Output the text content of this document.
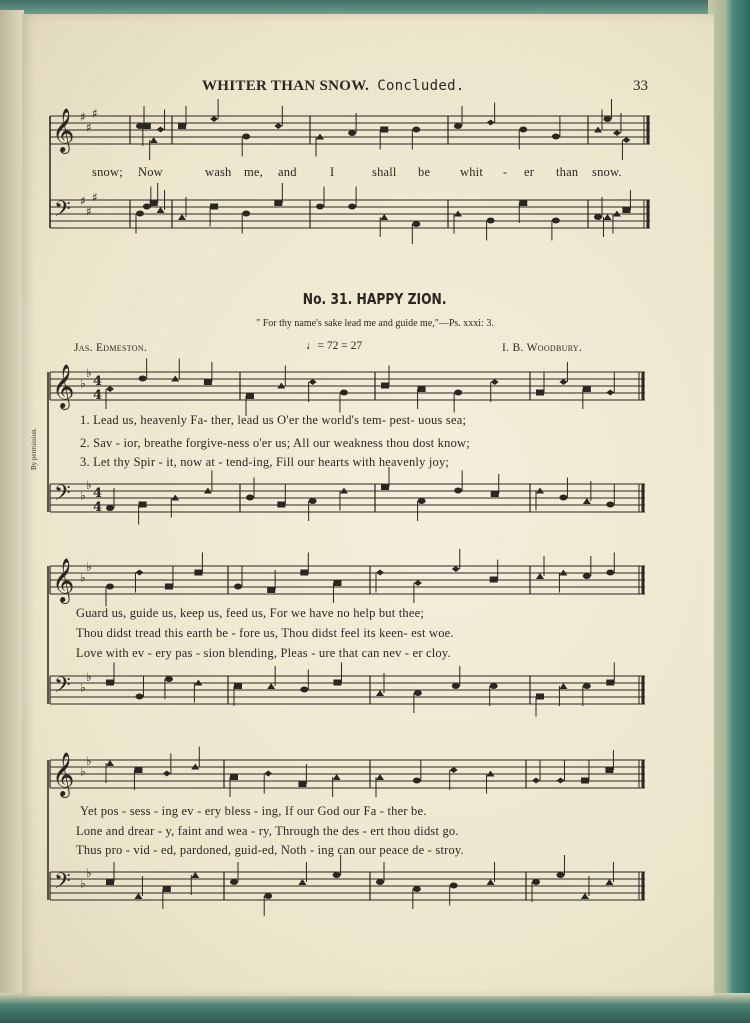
WHITER THAN SNOW. Concluded.	33
𝄞 ♯
♯
♯
𝄢 ♯
♯
♯
𝄞 ♭
♭
𝄢 ♭
♭
4
4
4
4
𝄞 ♭
♭
𝄢 ♭
♭
𝄞 ♭
♭
𝄢 ♭
♭
snow; Now	wash me, and	I	shall be whit - er than snow.
No. 31. HAPPY ZION.
" For thy name's sake lead me and guide me,"—Ps. xxxi: 3.
Jas. Edmeston.	♩= 72 = 27	I. B. Woodbury.
By permission.
1. Lead us, heavenly Fa- ther, lead us O'er the world's tem- pest- uous sea;
2. Sav - ior, breathe forgive-ness o'er us; All our weakness thou dost know;
3. Let thy Spir - it, now at - tend-ing, Fill our hearts with heavenly joy;
Guard us, guide us, keep us, feed us, For we have no help but thee;
Thou didst tread this earth be - fore us, Thou didst feel its keen- est woe.
Love with ev - ery pas - sion blending, Pleas - ure that can nev - er cloy.
Yet pos - sess - ing ev - ery bless - ing, If our God our Fa - ther be.
Lone and drear - y, faint and wea - ry, Through the des - ert thou didst go.
Thus pro - vid - ed, pardoned, guid-ed, Noth - ing can our peace de - stroy.
